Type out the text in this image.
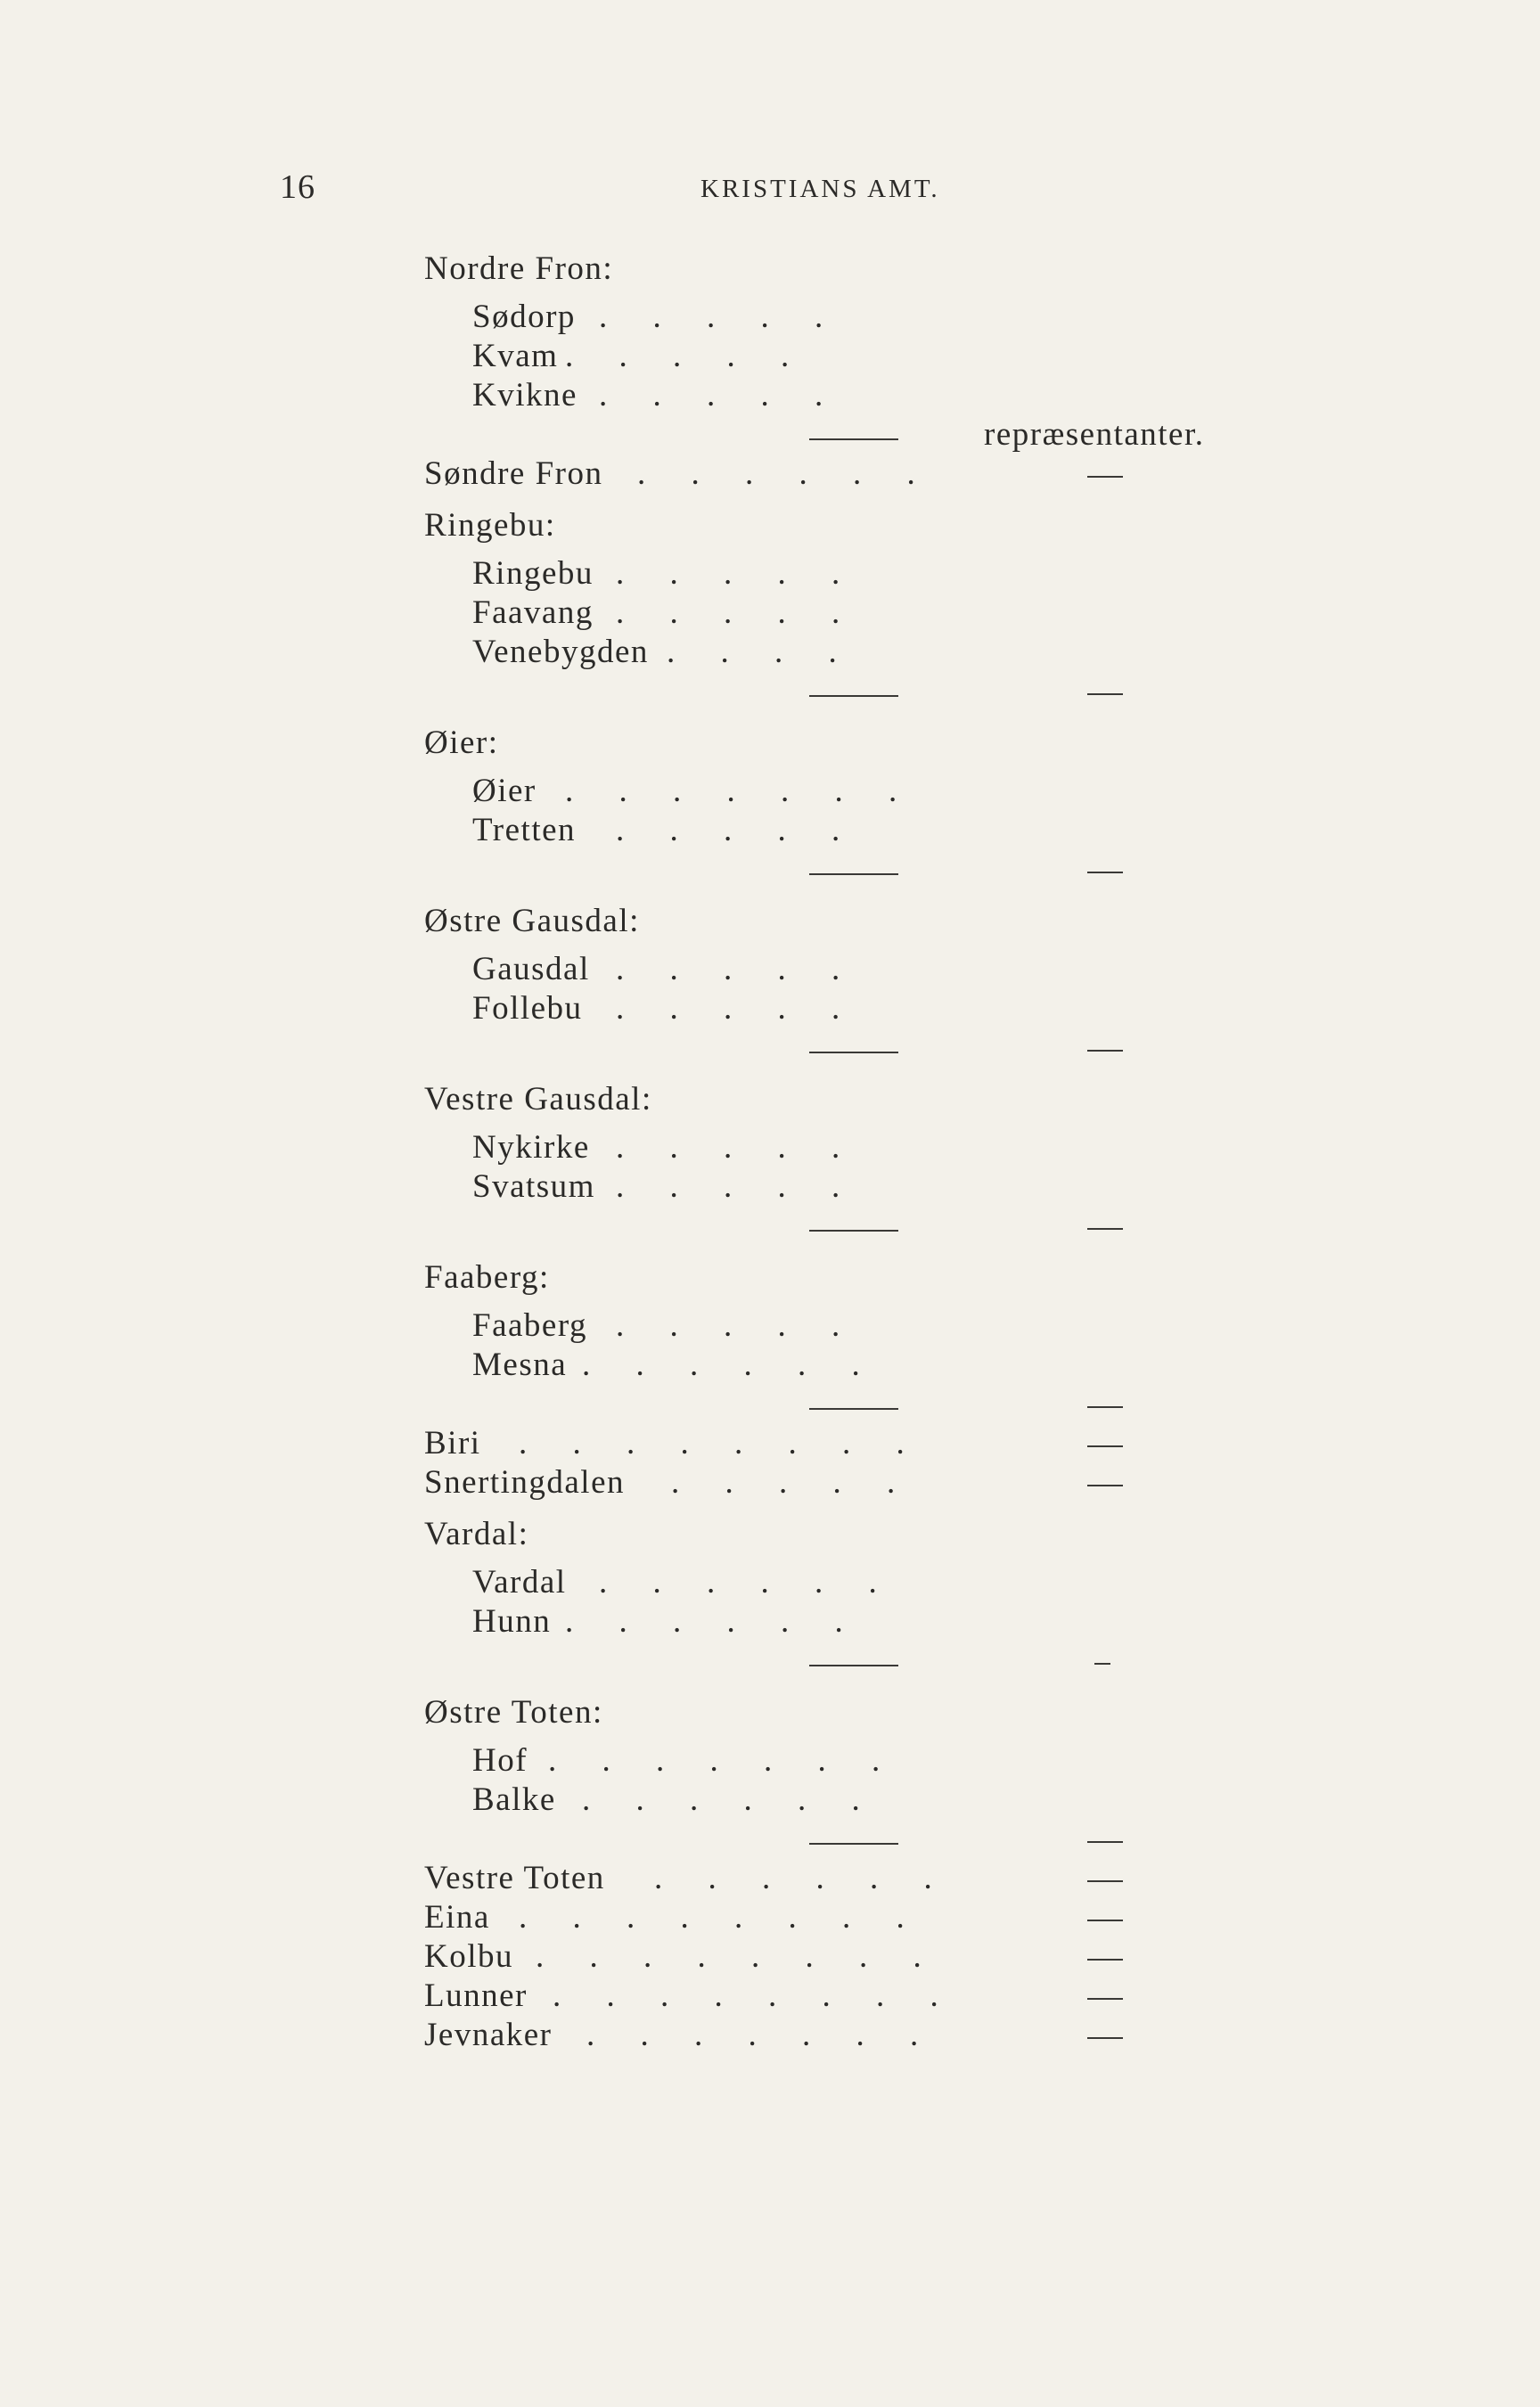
16	KRISTIANS AMT.
Nordre Fron:
Sødorp . . . . .
Kvam . . . . .
Kvikne . . . . .
repræsentanter.
Søndre Fron . . . . . .
Ringebu:
Ringebu . . . . .
Faavang . . . . .
Venebygden . . . .
Øier:
Øier . . . . . . .
Tretten . . . . .
Østre Gausdal:
Gausdal . . . . .
Follebu . . . . .
Vestre Gausdal:
Nykirke . . . . .
Svatsum . . . . .
Faaberg:
Faaberg . . . . .
Mesna . . . . . .
Biri . . . . . . . .
Snertingdalen . . . . .
Vardal:
Vardal . . . . . .
Hunn . . . . . .
Østre Toten:
Hof . . . . . . .
Balke . . . . . .
Vestre Toten . . . . . .
Eina . . . . . . . .
Kolbu . . . . . . . .
Lunner . . . . . . . .
Jevnaker . . . . . . .
